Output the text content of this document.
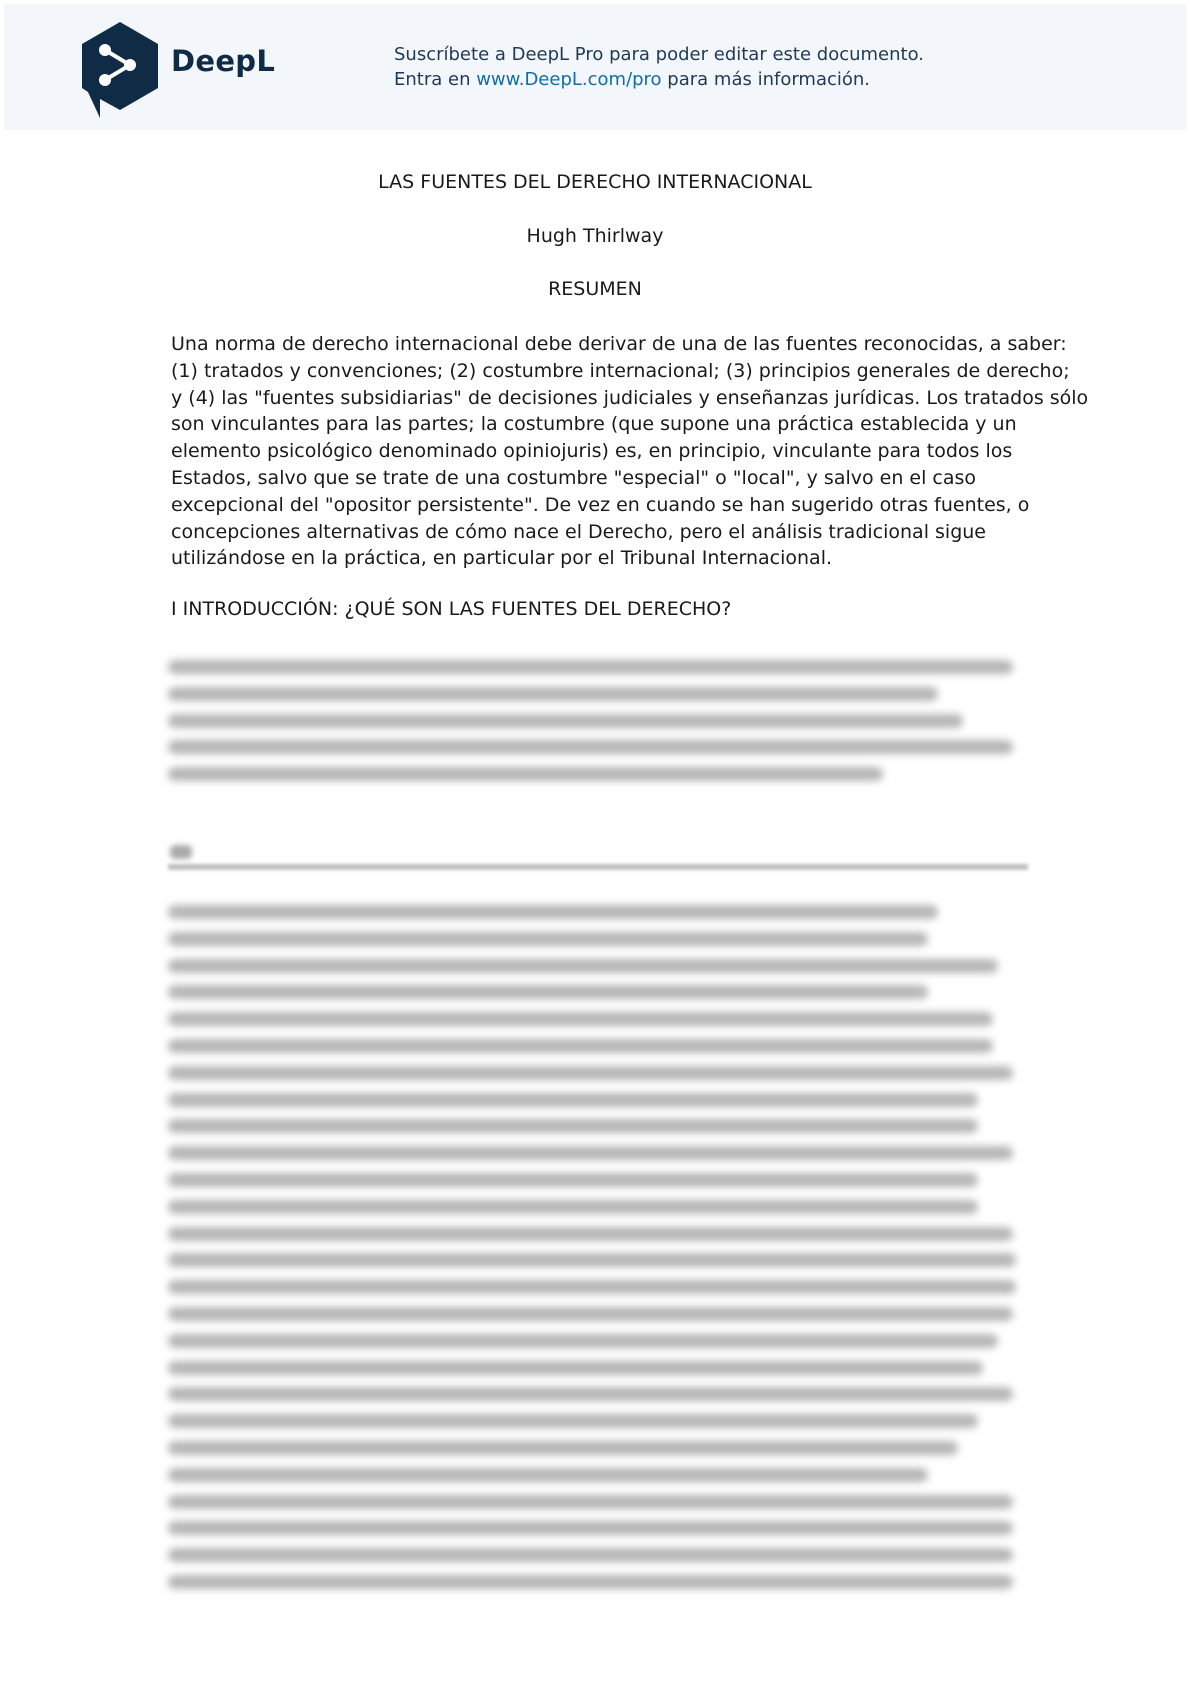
DeepL	Suscríbete a DeepL Pro para poder editar este documento.
Entra en www.DeepL.com/pro para más información.
LAS FUENTES DEL DERECHO INTERNACIONAL
Hugh Thirlway
RESUMEN
Una norma de derecho internacional debe derivar de una de las fuentes reconocidas, a saber:
(1) tratados y convenciones; (2) costumbre internacional; (3) principios generales de derecho;
y (4) las "fuentes subsidiarias" de decisiones judiciales y enseñanzas jurídicas. Los tratados sólo
son vinculantes para las partes; la costumbre (que supone una práctica establecida y un
elemento psicológico denominado opiniojuris) es, en principio, vinculante para todos los
Estados, salvo que se trate de una costumbre "especial" o "local", y salvo en el caso
excepcional del "opositor persistente". De vez en cuando se han sugerido otras fuentes, o
concepciones alternativas de cómo nace el Derecho, pero el análisis tradicional sigue
utilizándose en la práctica, en particular por el Tribunal Internacional.
I INTRODUCCIÓN: ¿QUÉ SON LAS FUENTES DEL DERECHO?
